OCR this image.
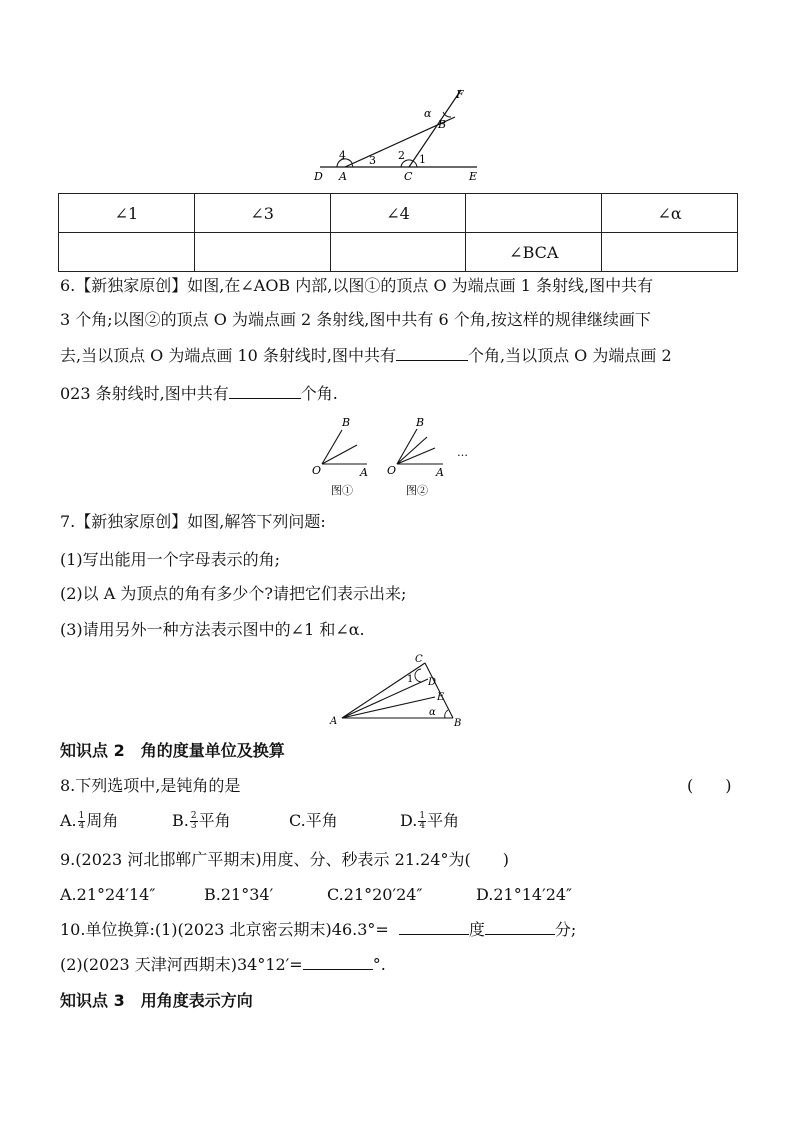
F
α
B
4 3 2 1
D A	C	E
∠1	∠3	∠4		∠α
			∠BCA	
6.【新独家原创】如图,在∠AOB 内部,以图①的顶点 O 为端点画 1 条射线,图中共有
3 个角;以图②的顶点 O 为端点画 2 条射线,图中共有 6 个角,按这样的规律继续画下
去,当以顶点 O 为端点画 10 条射线时,图中共有	个角,当以顶点 O 为端点画 2
023 条射线时,图中共有	个角.
B
O	A
图①
B
O	A
…
图②
7.【新独家原创】如图,解答下列问题:
(1)写出能用一个字母表示的角;
(2)以 A 为顶点的角有多少个?请把它们表示出来;
(3)请用另外一种方法表示图中的∠1 和∠α.
C
1 D
E
α
A	B
知识点 2　角的度量单位及换算
8.下列选项中,是钝角的是	(　　)
A. $\frac{1}{4}$ 周角	B. $\frac{2}{3}$ 平角	C.平角	D. $\frac{1}{4}$ 平角
9.(2023 河北邯郸广平期末)用度、分、秒表示 21.24°为(　　)
A.21°24′14″	B.21°34′	C.21°20′24″	D.21°14′24″
10.单位换算:(1)(2023 北京密云期末)46.3°=	度	分;
(2)(2023 天津河西期末)34°12′=	°.
知识点 3　用角度表示方向
